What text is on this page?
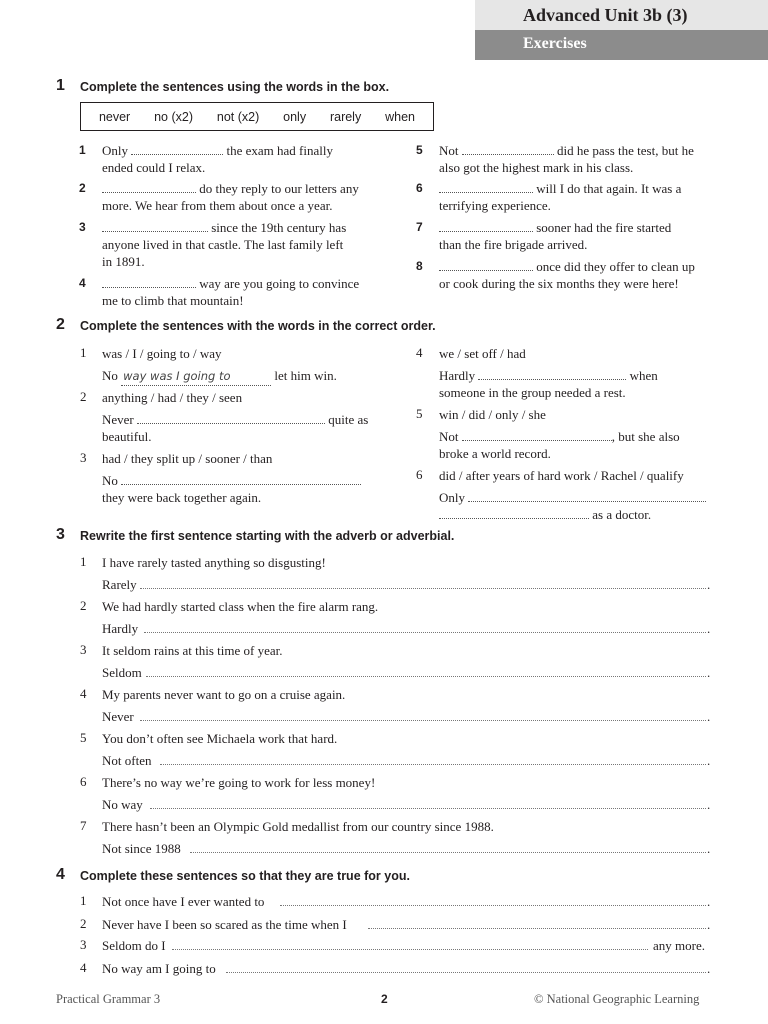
Advanced Unit 3b (3)
Exercises
1 Complete the sentences using the words in the box.
never no (x2) not (x2) only rarely when
1 Only	the exam had finally
ended could I relax.
2	do they reply to our letters any
more. We hear from them about once a year.
3	since the 19th century has
anyone lived in that castle. The last family left
in 1891.
4	way are you going to convince
me to climb that mountain!
5 Not	did he pass the test, but he
also got the highest mark in his class.
6	will I do that again. It was a
terrifying experience.
7	sooner had the fire started
than the fire brigade arrived.
8	once did they offer to clean up
or cook during the six months they were here!
2 Complete the sentences with the words in the correct order.
1 was / I / going to / way
No way was I going to	let him win.
2 anything / had / they / seen
Never	quite as
beautiful.
3 had / they split up / sooner / than
No
they were back together again.
4 we / set off / had
Hardly	when
someone in the group needed a rest.
5 win / did / only / she
Not	, but she also
broke a world record.
6 did / after years of hard work / Rachel / qualify
Only
as a doctor.
3 Rewrite the first sentence starting with the adverb or adverbial.
1 I have rarely tasted anything so disgusting!
Rarely	.
2 We had hardly started class when the fire alarm rang.
Hardly	.
3 It seldom rains at this time of year.
Seldom	.
4 My parents never want to go on a cruise again.
Never	.
5 You don’t often see Michaela work that hard.
Not often	.
6 There’s no way we’re going to work for less money!
No way	.
7 There hasn’t been an Olympic Gold medallist from our country since 1988.
Not since 1988	.
4 Complete these sentences so that they are true for you.
1 Not once have I ever wanted to	.
2 Never have I been so scared as the time when I	.
3 Seldom do I	any more.
4 No way am I going to	.
Practical Grammar 3	2	© National Geographic Learning
